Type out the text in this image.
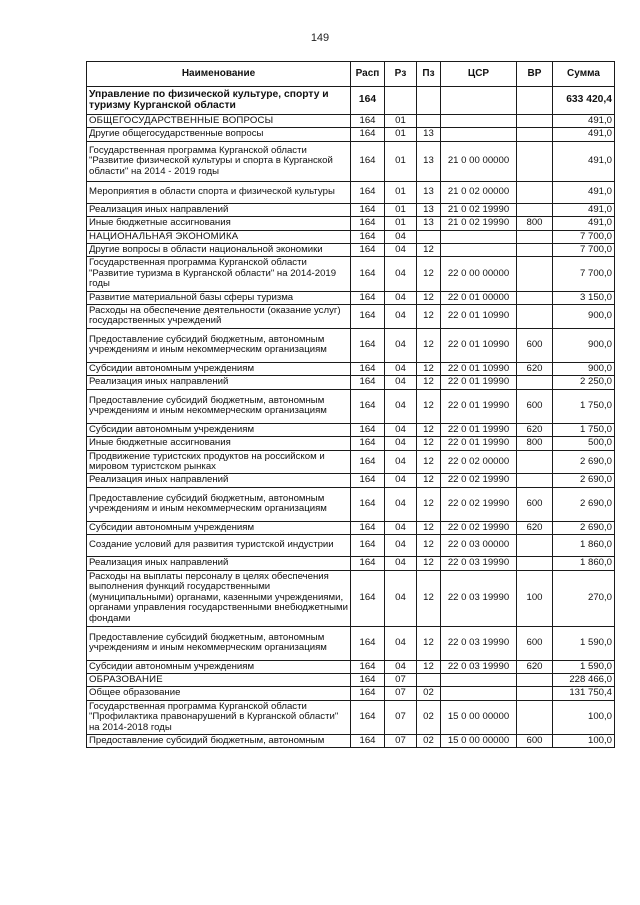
149
Наименование	Расп	Рз	Пз	ЦСР	ВР	Сумма
Управление по физической культуре, спорту и туризму Курганской области	164					633 420,4
ОБЩЕГОСУДАРСТВЕННЫЕ ВОПРОСЫ	164	01				491,0
Другие общегосударственные вопросы	164	01	13			491,0
Государственная программа Курганской области "Развитие физической культуры и спорта в Курганской области" на 2014 - 2019 годы	164	01	13	21 0 00 00000		491,0
Мероприятия в области спорта и физической культуры	164	01	13	21 0 02 00000		491,0
Реализация иных направлений	164	01	13	21 0 02 19990		491,0
Иные бюджетные ассигнования	164	01	13	21 0 02 19990	800	491,0
НАЦИОНАЛЬНАЯ ЭКОНОМИКА	164	04				7 700,0
Другие вопросы в области национальной экономики	164	04	12			7 700,0
Государственная программа Курганской области "Развитие туризма в Курганской области" на 2014-2019 годы	164	04	12	22 0 00 00000		7 700,0
Развитие материальной базы сферы туризма	164	04	12	22 0 01 00000		3 150,0
Расходы на обеспечение деятельности (оказание услуг) государственных учреждений	164	04	12	22 0 01 10990		900,0
Предоставление субсидий бюджетным, автономным учреждениям и иным некоммерческим организациям	164	04	12	22 0 01 10990	600	900,0
Субсидии автономным учреждениям	164	04	12	22 0 01 10990	620	900,0
Реализация иных направлений	164	04	12	22 0 01 19990		2 250,0
Предоставление субсидий бюджетным, автономным учреждениям и иным некоммерческим организациям	164	04	12	22 0 01 19990	600	1 750,0
Субсидии автономным учреждениям	164	04	12	22 0 01 19990	620	1 750,0
Иные бюджетные ассигнования	164	04	12	22 0 01 19990	800	500,0
Продвижение туристских продуктов на российском и мировом туристском рынках	164	04	12	22 0 02 00000		2 690,0
Реализация иных направлений	164	04	12	22 0 02 19990		2 690,0
Предоставление субсидий бюджетным, автономным учреждениям и иным некоммерческим организациям	164	04	12	22 0 02 19990	600	2 690,0
Субсидии автономным учреждениям	164	04	12	22 0 02 19990	620	2 690,0
Создание условий для развития туристской индустрии	164	04	12	22 0 03 00000		1 860,0
Реализация иных направлений	164	04	12	22 0 03 19990		1 860,0
Расходы на выплаты персоналу в целях обеспечения выполнения функций государственными (муниципальными) органами, казенными учреждениями, органами управления государственными внебюджетными фондами	164	04	12	22 0 03 19990	100	270,0
Предоставление субсидий бюджетным, автономным учреждениям и иным некоммерческим организациям	164	04	12	22 0 03 19990	600	1 590,0
Субсидии автономным учреждениям	164	04	12	22 0 03 19990	620	1 590,0
ОБРАЗОВАНИЕ	164	07				228 466,0
Общее образование	164	07	02			131 750,4
Государственная программа Курганской области "Профилактика правонарушений в Курганской области" на 2014-2018 годы	164	07	02	15 0 00 00000		100,0
Предоставление субсидий бюджетным, автономным	164	07	02	15 0 00 00000	600	100,0
